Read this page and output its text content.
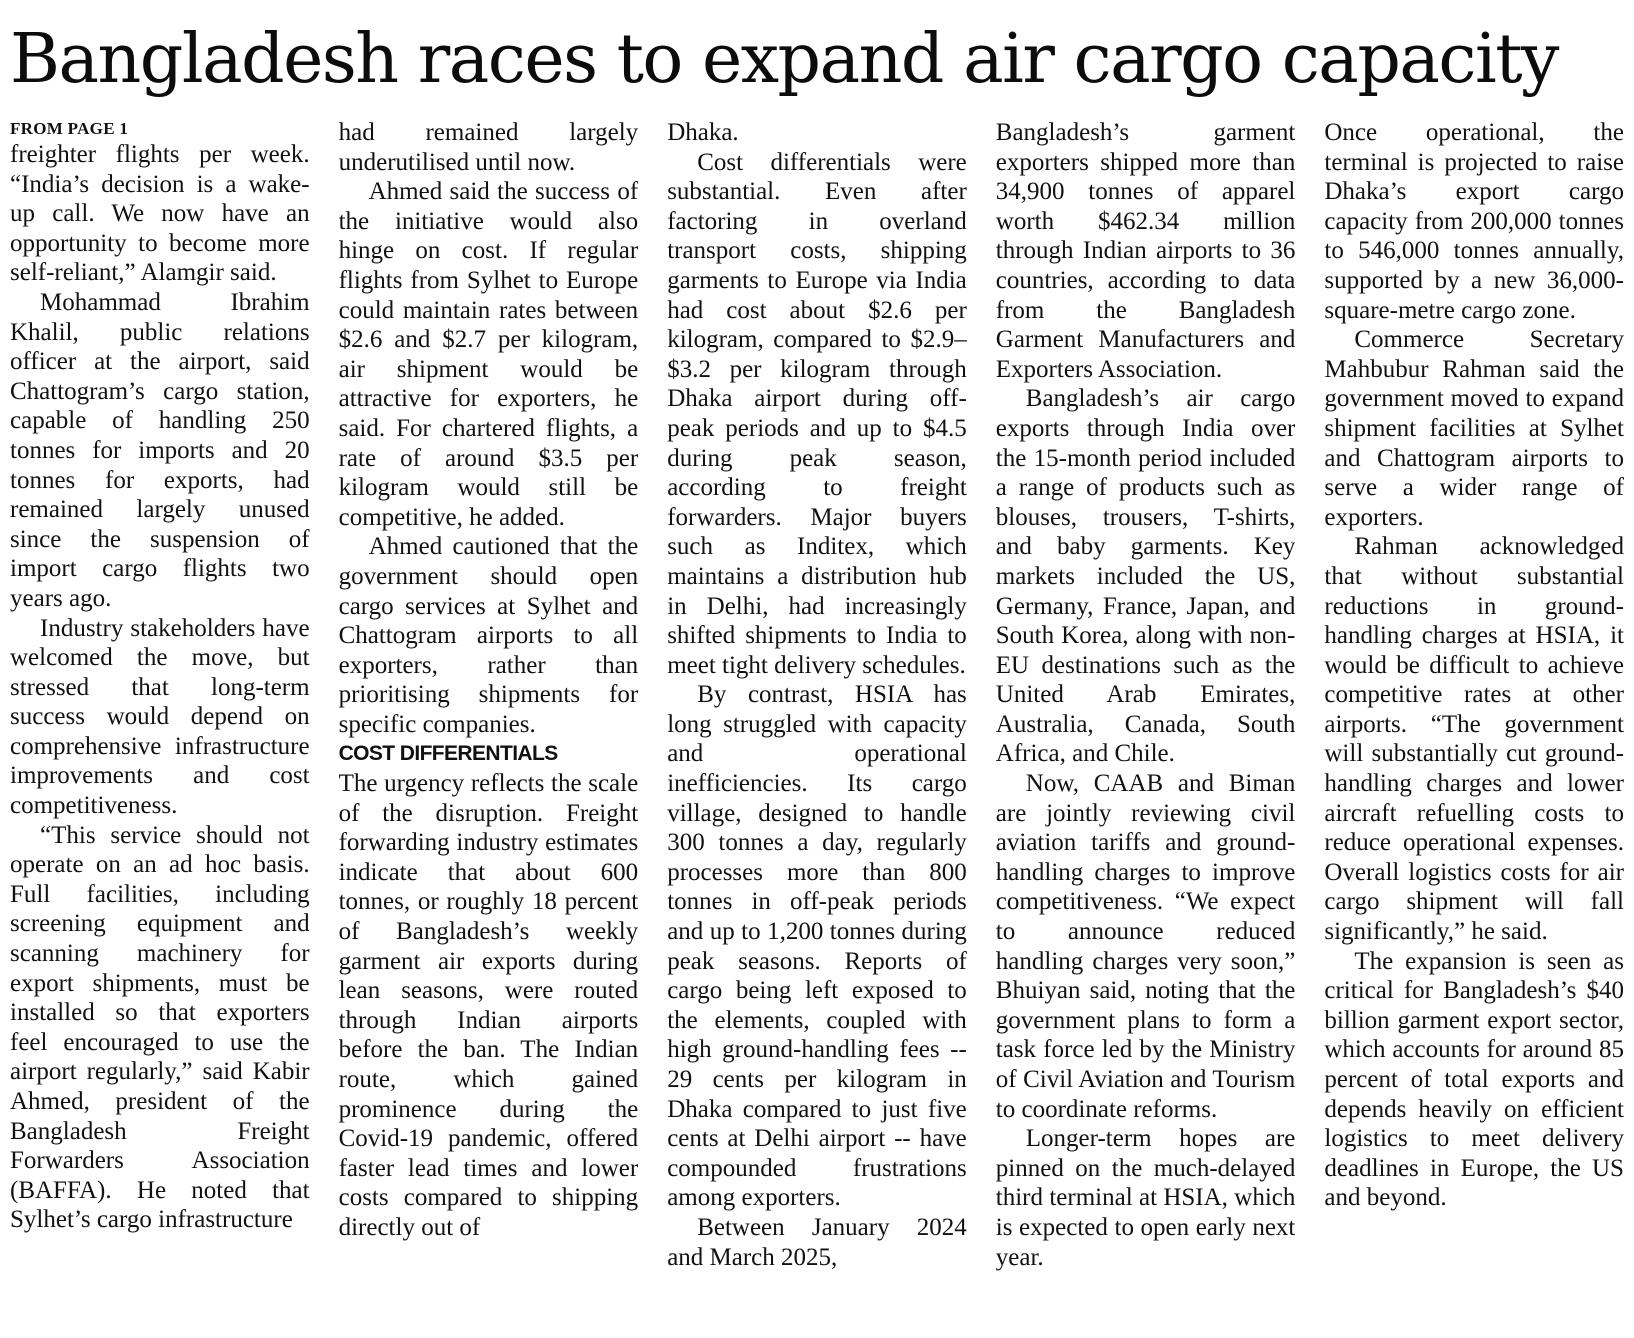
Bangladesh races to expand air cargo capacity
FROM PAGE 1

freighter flights per week. “India’s decision is a wake-up call. We now have an opportunity to become more self-reliant,” Alamgir said.

Mohammad Ibrahim Khalil, public relations officer at the airport, said Chattogram’s cargo station, capable of handling 250 tonnes for imports and 20 tonnes for exports, had remained largely unused since the suspension of import cargo flights two years ago.

Industry stakeholders have welcomed the move, but stressed that long-term success would depend on comprehensive infrastructure improvements and cost competitiveness.

“This service should not operate on an ad hoc basis. Full facilities, including screening equipment and scanning machinery for export shipments, must be installed so that exporters feel encouraged to use the airport regularly,” said Kabir Ahmed, president of the Bangladesh Freight Forwarders Association (BAFFA). He noted that Sylhet’s cargo infrastructure

had remained largely underutilised until now.

Ahmed said the success of the initiative would also hinge on cost. If regular flights from Sylhet to Europe could maintain rates between $2.6 and $2.7 per kilogram, air shipment would be attractive for exporters, he said. For chartered flights, a rate of around $3.5 per kilogram would still be competitive, he added.

Ahmed cautioned that the government should open cargo services at Sylhet and Chattogram airports to all exporters, rather than prioritising shipments for specific companies.

COST DIFFERENTIALS

The urgency reflects the scale of the disruption. Freight forwarding industry estimates indicate that about 600 tonnes, or roughly 18 percent of Bangladesh’s weekly garment air exports during lean seasons, were routed through Indian airports before the ban. The Indian route, which gained prominence during the Covid-19 pandemic, offered faster lead times and lower costs compared to shipping directly out of

Dhaka.

Cost differentials were substantial. Even after factoring in overland transport costs, shipping garments to Europe via India had cost about $2.6 per kilogram, compared to $2.9–$3.2 per kilogram through Dhaka airport during off-peak periods and up to $4.5 during peak season, according to freight forwarders. Major buyers such as Inditex, which maintains a distribution hub in Delhi, had increasingly shifted shipments to India to meet tight delivery schedules.

By contrast, HSIA has long struggled with capacity and operational inefficiencies. Its cargo village, designed to handle 300 tonnes a day, regularly processes more than 800 tonnes in off-peak periods and up to 1,200 tonnes during peak seasons. Reports of cargo being left exposed to the elements, coupled with high ground-handling fees -- 29 cents per kilogram in Dhaka compared to just five cents at Delhi airport -- have compounded frustrations among exporters.

Between January 2024 and March 2025,

Bangladesh’s garment exporters shipped more than 34,900 tonnes of apparel worth $462.34 million through Indian airports to 36 countries, according to data from the Bangladesh Garment Manufacturers and Exporters Association.

Bangladesh’s air cargo exports through India over the 15-month period included a range of products such as blouses, trousers, T-shirts, and baby garments. Key markets included the US, Germany, France, Japan, and South Korea, along with non-EU destinations such as the United Arab Emirates, Australia, Canada, South Africa, and Chile.

Now, CAAB and Biman are jointly reviewing civil aviation tariffs and ground-handling charges to improve competitiveness. “We expect to announce reduced handling charges very soon,” Bhuiyan said, noting that the government plans to form a task force led by the Ministry of Civil Aviation and Tourism to coordinate reforms.

Longer-term hopes are pinned on the much-delayed third terminal at HSIA, which is expected to open early next year.

Once operational, the terminal is projected to raise Dhaka’s export cargo capacity from 200,000 tonnes to 546,000 tonnes annually, supported by a new 36,000-square-metre cargo zone.

Commerce Secretary Mahbubur Rahman said the government moved to expand shipment facilities at Sylhet and Chattogram airports to serve a wider range of exporters.

Rahman acknowledged that without substantial reductions in ground-handling charges at HSIA, it would be difficult to achieve competitive rates at other airports. “The government will substantially cut ground-handling charges and lower aircraft refuelling costs to reduce operational expenses. Overall logistics costs for air cargo shipment will fall significantly,” he said.

The expansion is seen as critical for Bangladesh’s $40 billion garment export sector, which accounts for around 85 percent of total exports and depends heavily on efficient logistics to meet delivery deadlines in Europe, the US and beyond.
